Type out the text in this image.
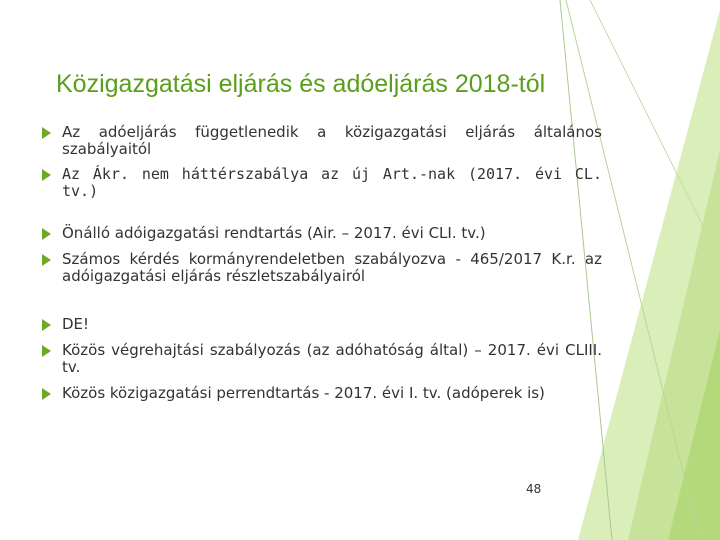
Közigazgatási eljárás és adóeljárás 2018-tól
Az adóeljárás függetlenedik a közigazgatási eljárás általános szabályaitól
Az Ákr. nem háttérszabálya az új Art.-nak (2017. évi CL. tv.)
Önálló adóigazgatási rendtartás (Air. – 2017. évi CLI. tv.)
Számos kérdés kormányrendeletben szabályozva - 465/2017 K.r. az adóigazgatási eljárás részletszabályairól
DE!
Közös végrehajtási szabályozás (az adóhatóság által) – 2017. évi CLIII. tv.
Közös közigazgatási perrendtartás - 2017. évi I. tv. (adóperek is)
48
